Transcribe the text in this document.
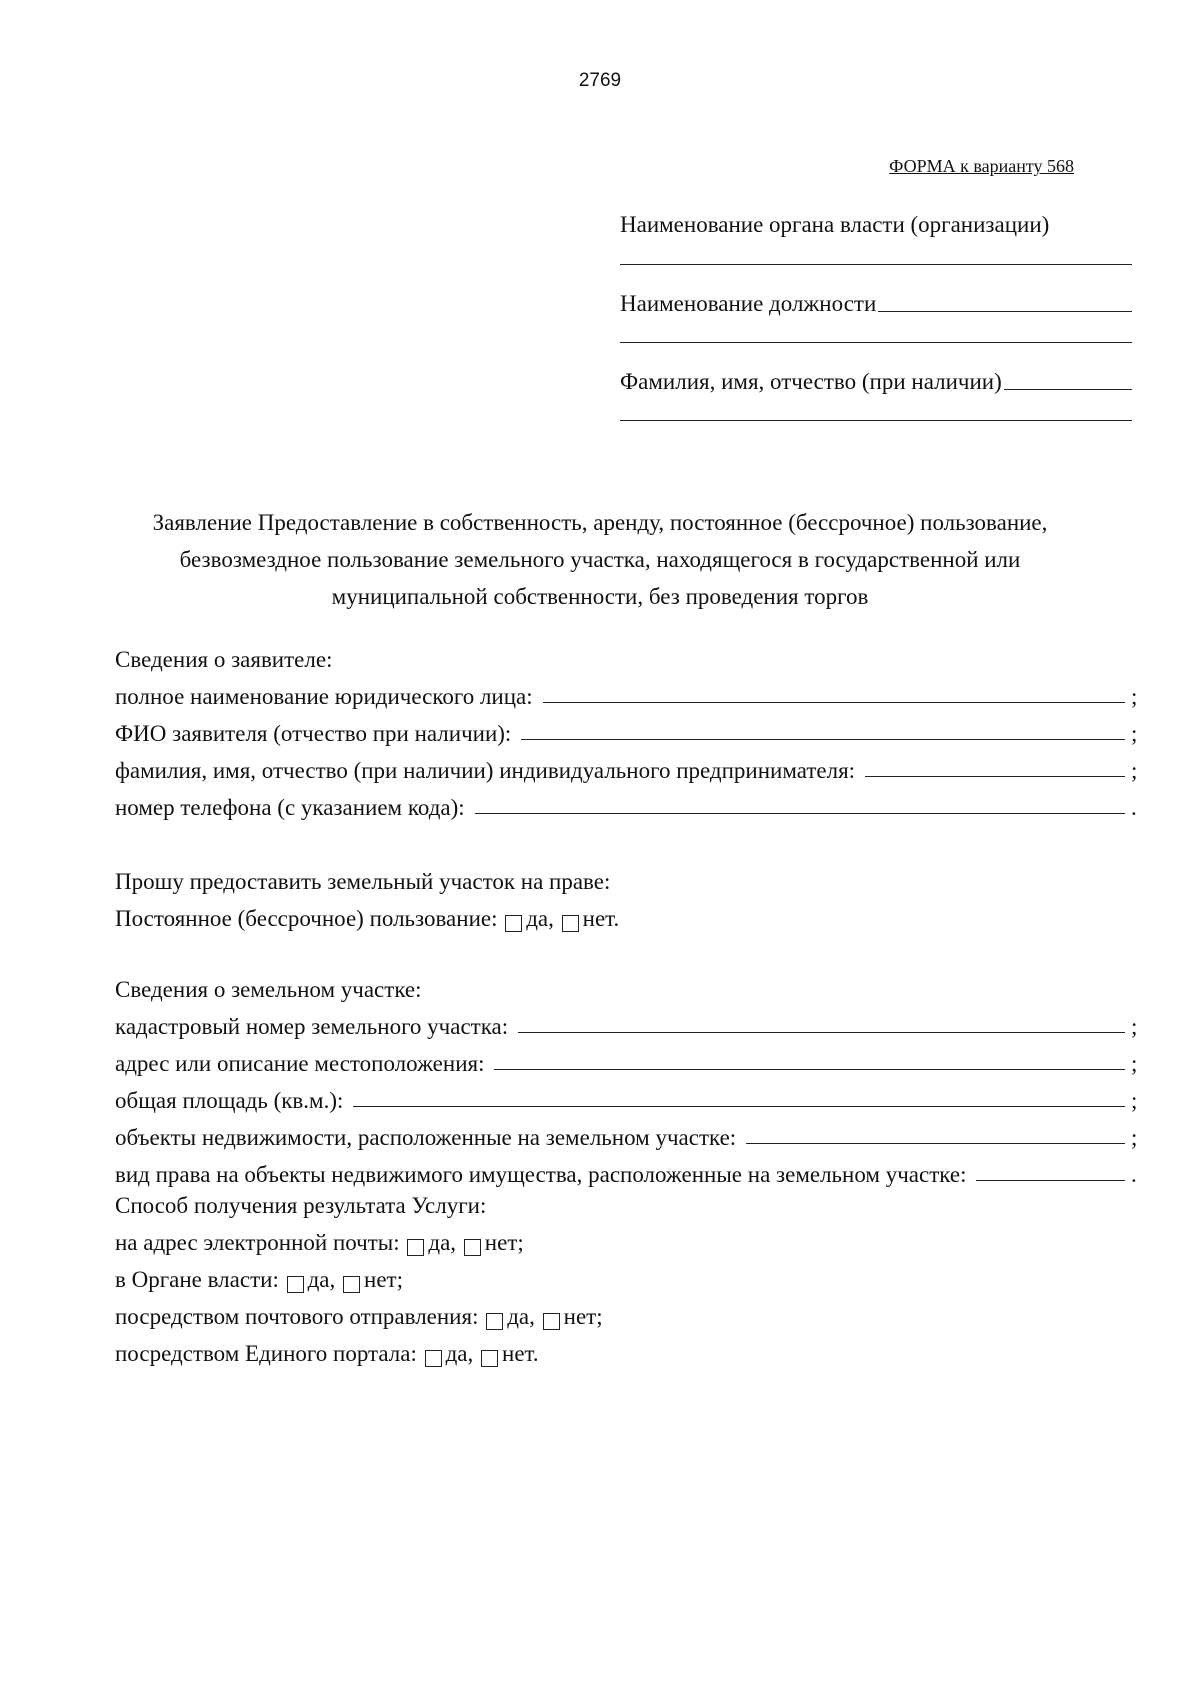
2769
ФОРМА к варианту 568
Наименование органа власти (организации)
Наименование должности
Фамилия, имя, отчество (при наличии)
Заявление Предоставление в собственность, аренду, постоянное (бессрочное) пользование, безвозмездное пользование земельного участка, находящегося в государственной или муниципальной собственности, без проведения торгов
Сведения о заявителе:
полное наименование юридического лица:	;
ФИО заявителя (отчество при наличии):	;
фамилия, имя, отчество (при наличии) индивидуального предпринимателя:	;
номер телефона (с указанием кода):	.
Прошу предоставить земельный участок на праве:
Постоянное (бессрочное) пользование:
да,
нет.
Сведения о земельном участке:
кадастровый номер земельного участка:	;
адрес или описание местоположения:	;
общая площадь (кв.м.):	;
объекты недвижимости, расположенные на земельном участке:	;
вид права на объекты недвижимого имущества, расположенные на земельном участке:	.
Способ получения результата Услуги:
на адрес электронной почты:
да,
нет;
в Органе власти:
да,
нет;
посредством почтового отправления:
да,
нет;
посредством Единого портала:
да,
нет.
